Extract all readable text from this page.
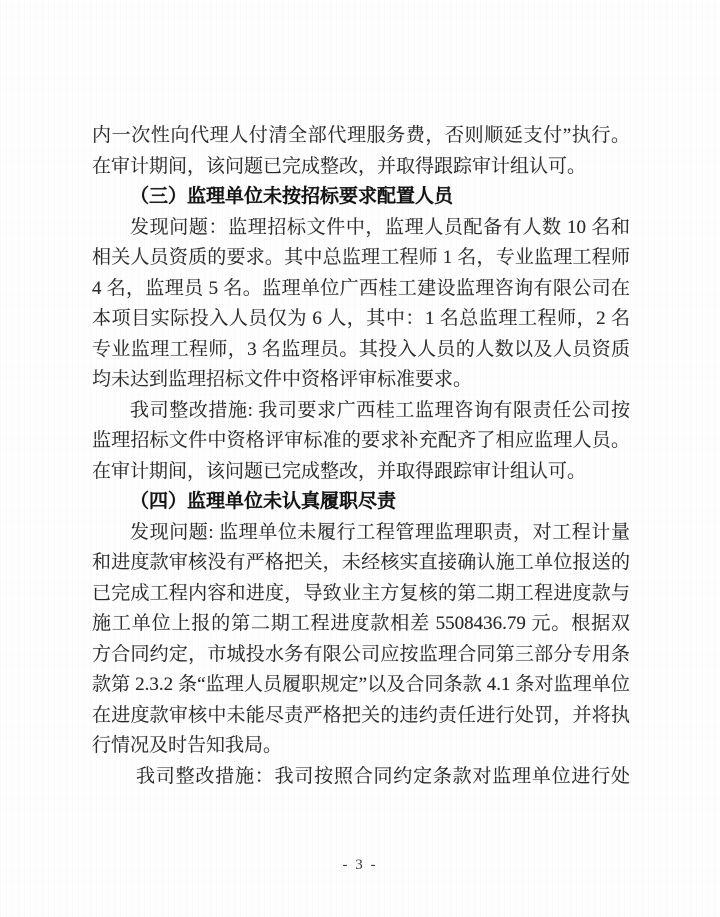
内一次性向代理人付清全部代理服务费，否则顺延支付”执行。
在审计期间，该问题已完成整改，并取得跟踪审计组认可。
（三）监理单位未按招标要求配置人员
发现问题：监理招标文件中，监理人员配备有人数 10 名和
相关人员资质的要求。其中总监理工程师 1 名，专业监理工程师
4 名，监理员 5 名。监理单位广西桂工建设监理咨询有限公司在
本项目实际投入人员仅为 6 人，其中：1 名总监理工程师，2 名
专业监理工程师，3 名监理员。其投入人员的人数以及人员资质
均未达到监理招标文件中资格评审标准要求。
我司整改措施: 我司要求广西桂工监理咨询有限责任公司按
监理招标文件中资格评审标准的要求补充配齐了相应监理人员。
在审计期间，该问题已完成整改，并取得跟踪审计组认可。
（四）监理单位未认真履职尽责
发现问题: 监理单位未履行工程管理监理职责，对工程计量
和进度款审核没有严格把关，未经核实直接确认施工单位报送的
已完成工程内容和进度，导致业主方复核的第二期工程进度款与
施工单位上报的第二期工程进度款相差 5508436.79 元。根据双
方合同约定，市城投水务有限公司应按监理合同第三部分专用条
款第 2.3.2 条“监理人员履职规定”以及合同条款 4.1 条对监理单位
在进度款审核中未能尽责严格把关的违约责任进行处罚，并将执
行情况及时告知我局。
我司整改措施：我司按照合同约定条款对监理单位进行处
- 3 -
